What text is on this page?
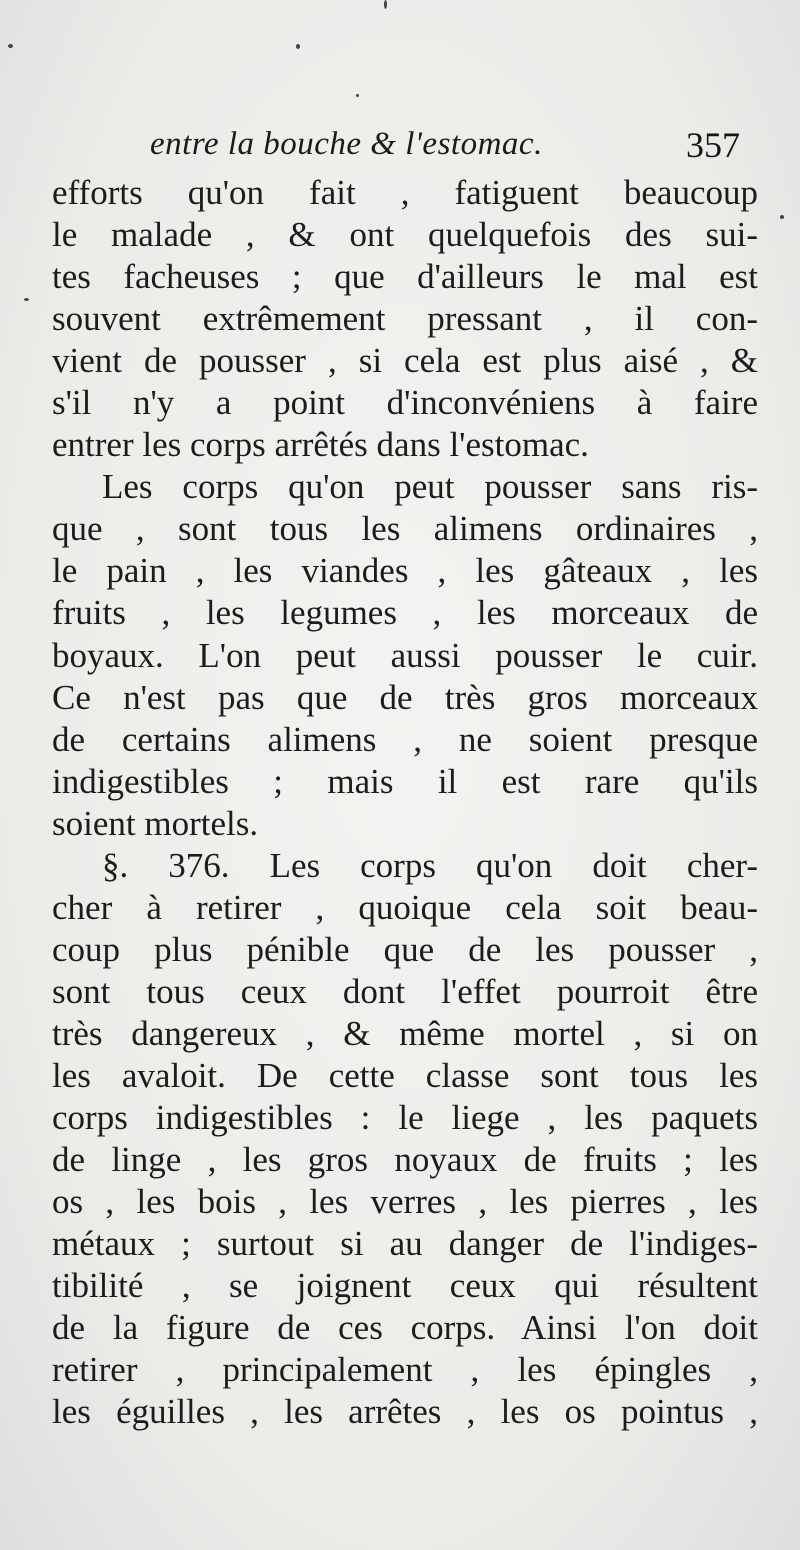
entre la bouche & l'estomac.	357
efforts qu'on fait , fatiguent beaucoup
le malade , & ont quelquefois des sui-
tes facheuses ; que d'ailleurs le mal est
souvent extrêmement pressant , il con-
vient de pousser , si cela est plus aisé , &
s'il n'y a point d'inconvéniens à faire
entrer les corps arrêtés dans l'estomac.
Les corps qu'on peut pousser sans ris-
que , sont tous les alimens ordinaires ,
le pain , les viandes , les gâteaux , les
fruits , les legumes , les morceaux de
boyaux. L'on peut aussi pousser le cuir.
Ce n'est pas que de très gros morceaux
de certains alimens , ne soient presque
indigestibles ; mais il est rare qu'ils
soient mortels.
§. 376. Les corps qu'on doit cher-
cher à retirer , quoique cela soit beau-
coup plus pénible que de les pousser ,
sont tous ceux dont l'effet pourroit être
très dangereux , & même mortel , si on
les avaloit. De cette classe sont tous les
corps indigestibles : le liege , les paquets
de linge , les gros noyaux de fruits ; les
os , les bois , les verres , les pierres , les
métaux ; surtout si au danger de l'indiges-
tibilité , se joignent ceux qui résultent
de la figure de ces corps. Ainsi l'on doit
retirer , principalement , les épingles ,
les éguilles , les arrêtes , les os pointus ,
